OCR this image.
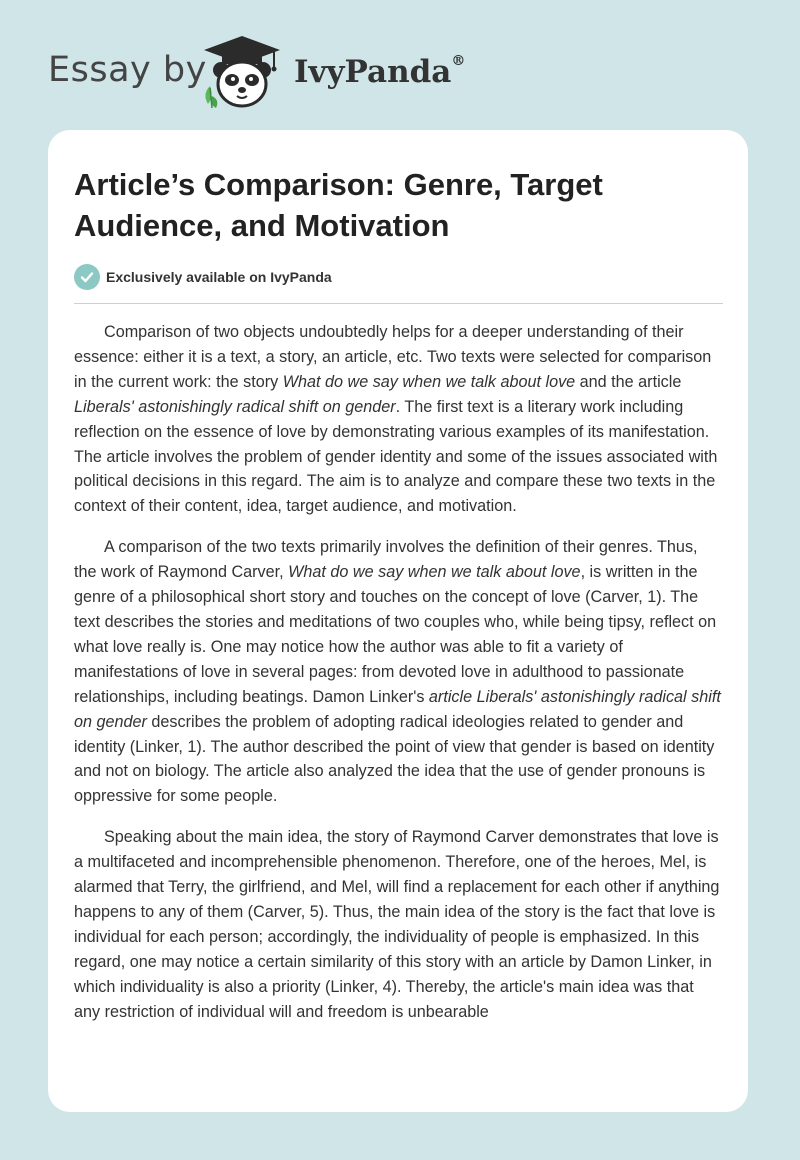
Essay by	IvyPanda®
Article’s Comparison: Genre, Target Audience, and Motivation
Exclusively available on IvyPanda

Comparison of two objects undoubtedly helps for a deeper understanding of their essence: either it is a text, a story, an article, etc. Two texts were selected for comparison in the current work: the story What do we say when we talk about love and the article Liberals' astonishingly radical shift on gender. The first text is a literary work including reflection on the essence of love by demonstrating various examples of its manifestation. The article involves the problem of gender identity and some of the issues associated with political decisions in this regard. The aim is to analyze and compare these two texts in the context of their content, idea, target audience, and motivation.

A comparison of the two texts primarily involves the definition of their genres. Thus, the work of Raymond Carver, What do we say when we talk about love, is written in the genre of a philosophical short story and touches on the concept of love (Carver, 1). The text describes the stories and meditations of two couples who, while being tipsy, reflect on what love really is. One may notice how the author was able to fit a variety of manifestations of love in several pages: from devoted love in adulthood to passionate relationships, including beatings. Damon Linker's article Liberals' astonishingly radical shift on gender describes the problem of adopting radical ideologies related to gender and identity (Linker, 1). The author described the point of view that gender is based on identity and not on biology. The article also analyzed the idea that the use of gender pronouns is oppressive for some people.

Speaking about the main idea, the story of Raymond Carver demonstrates that love is a multifaceted and incomprehensible phenomenon. Therefore, one of the heroes, Mel, is alarmed that Terry, the girlfriend, and Mel, will find a replacement for each other if anything happens to any of them (Carver, 5). Thus, the main idea of the story is the fact that love is individual for each person; accordingly, the individuality of people is emphasized. In this regard, one may notice a certain similarity of this story with an article by Damon Linker, in which individuality is also a priority (Linker, 4). Thereby, the article's main idea was that any restriction of individual will and freedom is unbearable
